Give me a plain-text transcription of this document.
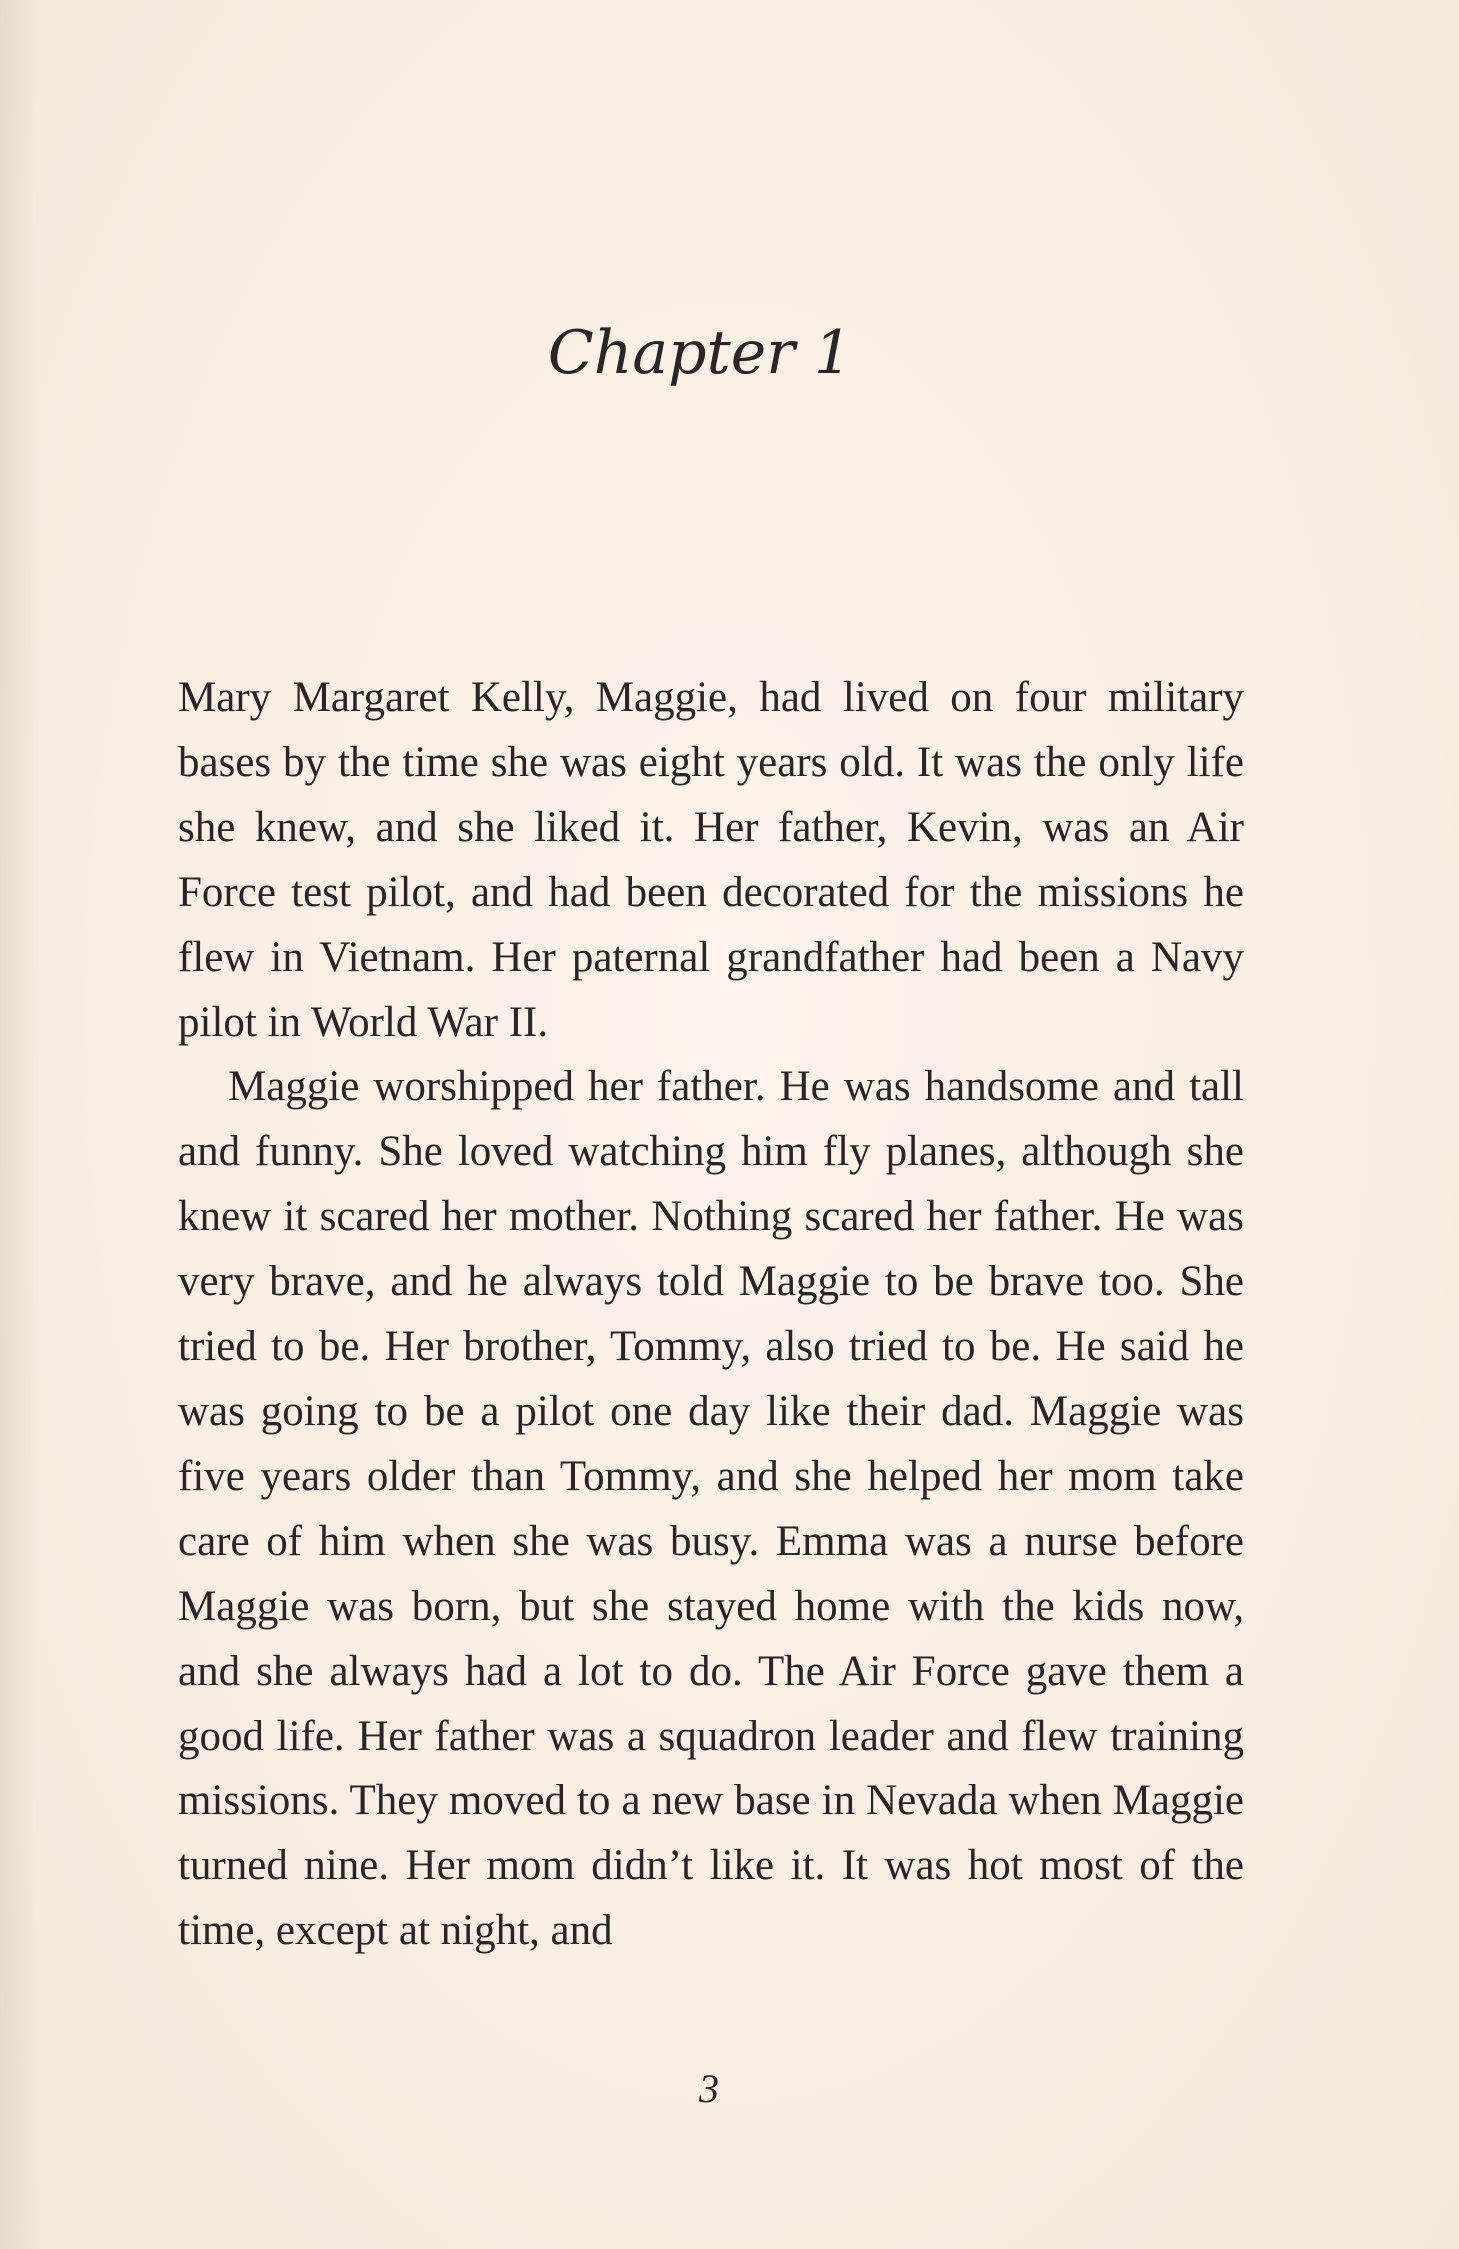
Chapter 1

Mary Margaret Kelly, Maggie, had lived on four military bases by the time she was eight years old. It was the only life she knew, and she liked it. Her father, Kevin, was an Air Force test pilot, and had been decorated for the missions he flew in Vietnam. Her paternal grandfather had been a Navy pilot in World War II.

Maggie worshipped her father. He was handsome and tall and funny. She loved watching him fly planes, although she knew it scared her mother. Nothing scared her father. He was very brave, and he always told Maggie to be brave too. She tried to be. Her brother, Tommy, also tried to be. He said he was going to be a pilot one day like their dad. Maggie was five years older than Tommy, and she helped her mom take care of him when she was busy. Emma was a nurse before Maggie was born, but she stayed home with the kids now, and she always had a lot to do. The Air Force gave them a good life. Her father was a squadron leader and flew training missions. They moved to a new base in Nevada when Maggie turned nine. Her mom didn’t like it. It was hot most of the time, except at night, and

3
